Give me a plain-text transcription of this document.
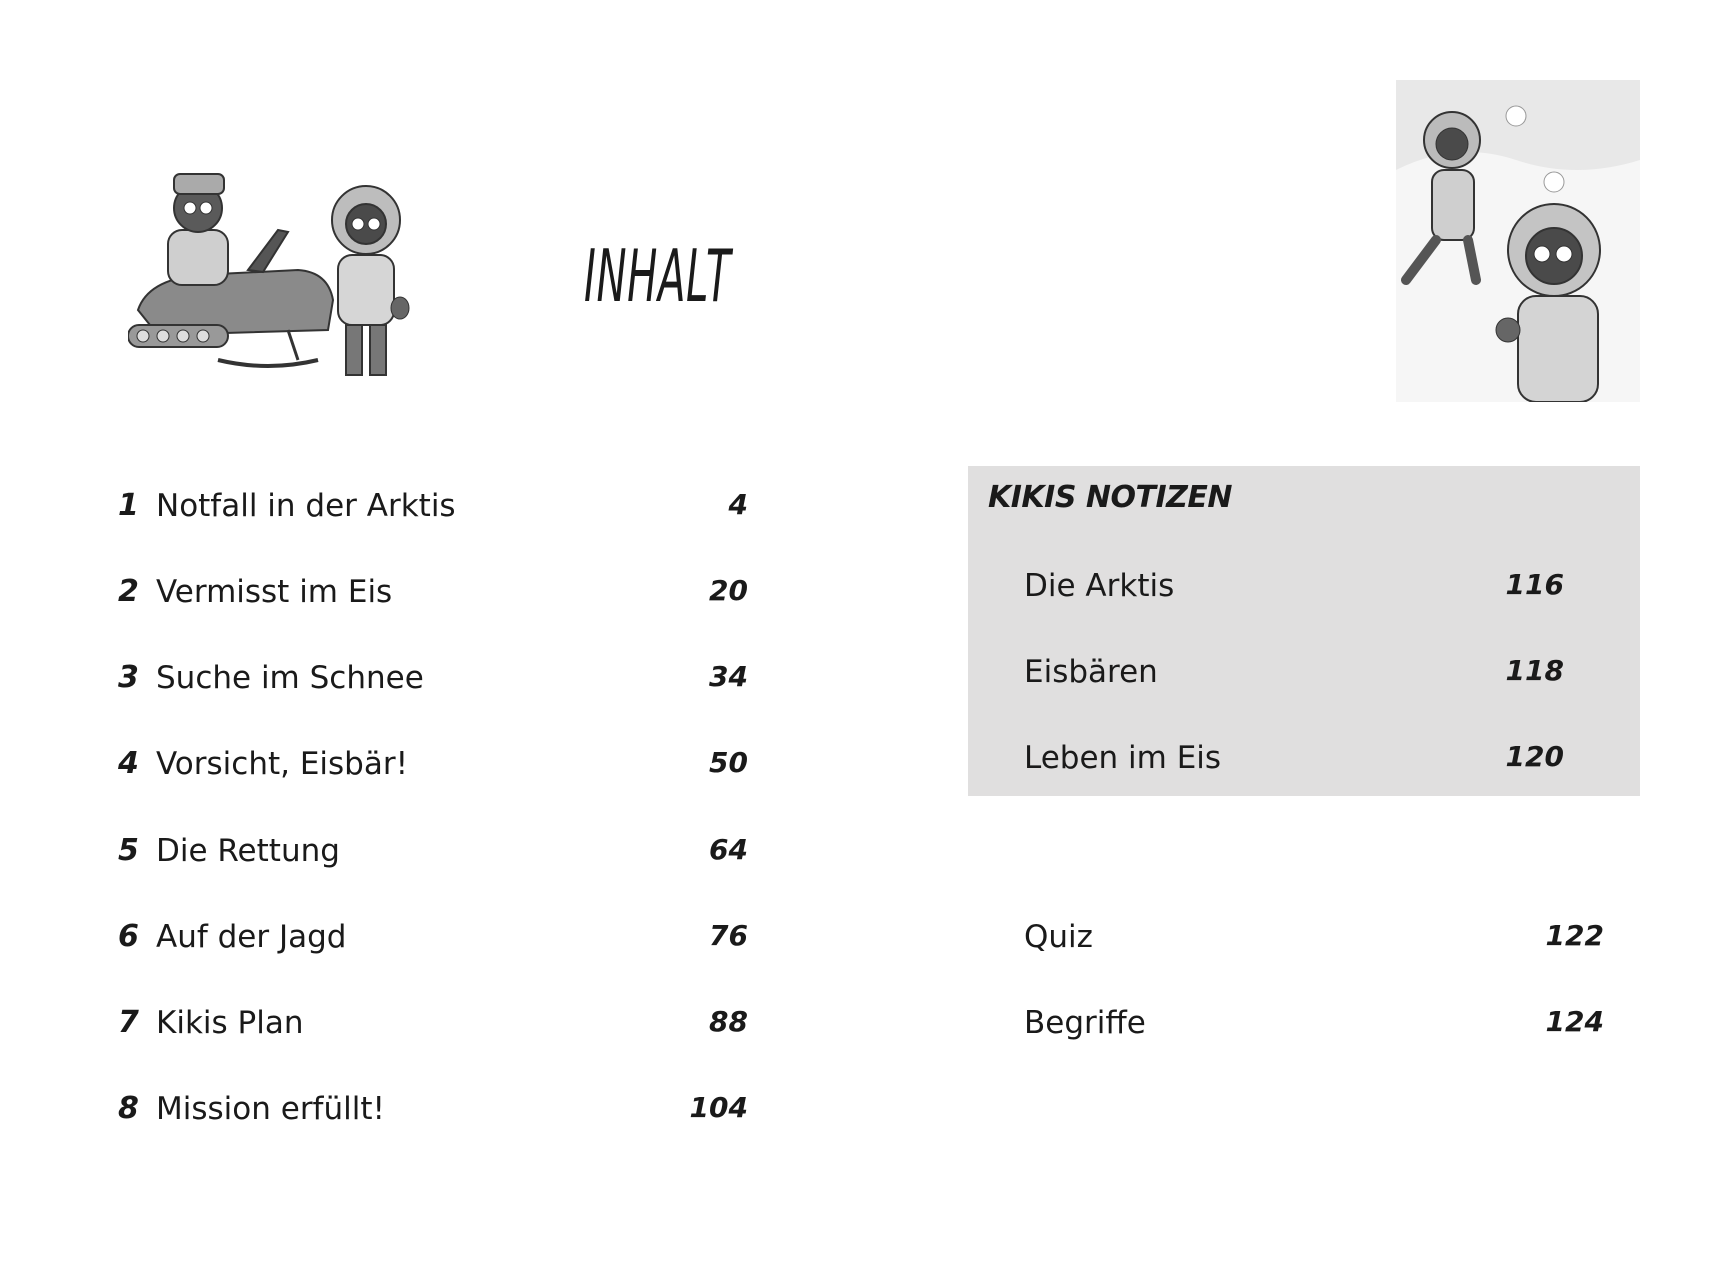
INHALT
1 Notfall in der Arktis	4
2 Vermisst im Eis	20
3 Suche im Schnee	34
4 Vorsicht, Eisbär!	50
5 Die Rettung	64
6 Auf der Jagd	76
7 Kikis Plan	88
8 Mission erfüllt!	104
KIKIS NOTIZEN
Die Arktis	116
Eisbären	118
Leben im Eis	120
Quiz	122
Begriffe	124
